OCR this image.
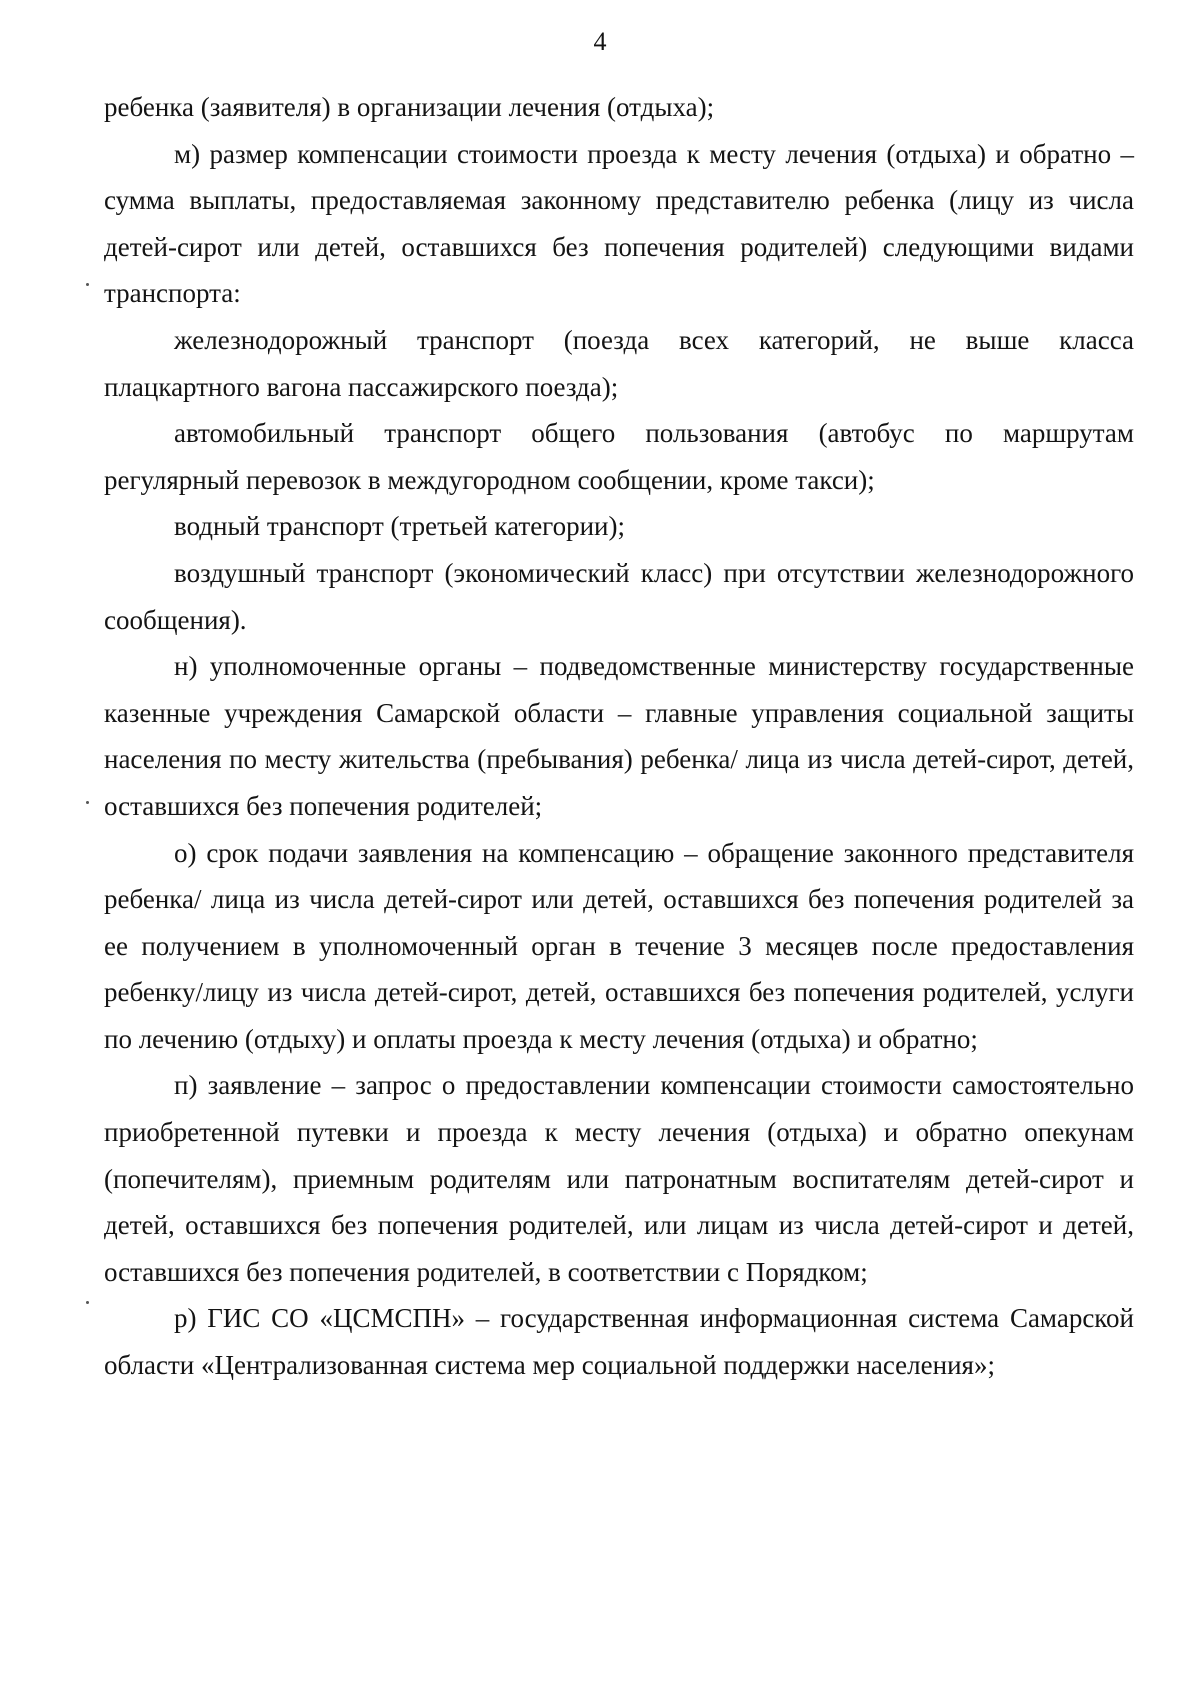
4

ребенка (заявителя) в организации лечения (отдыха);

м) размер компенсации стоимости проезда к месту лечения (отдыха) и обратно – сумма выплаты, предоставляемая законному представителю ребенка (лицу из числа детей-сирот или детей, оставшихся без попечения родителей) следующими видами транспорта:

железнодорожный транспорт (поезда всех категорий, не выше класса плацкартного вагона пассажирского поезда);

автомобильный транспорт общего пользования (автобус по маршрутам регулярный перевозок в междугородном сообщении, кроме такси);

водный транспорт (третьей категории);

воздушный транспорт (экономический класс) при отсутствии железнодорожного сообщения).

н) уполномоченные органы – подведомственные министерству государственные казенные учреждения Самарской области – главные управления социальной защиты населения по месту жительства (пребывания) ребенка/ лица из числа детей-сирот, детей, оставшихся без попечения родителей;

о) срок подачи заявления на компенсацию – обращение законного представителя ребенка/ лица из числа детей-сирот или детей, оставшихся без попечения родителей за ее получением в уполномоченный орган в течение 3 месяцев после предоставления ребенку/лицу из числа детей-сирот, детей, оставшихся без попечения родителей, услуги по лечению (отдыху) и оплаты проезда к месту лечения (отдыха) и обратно;

п) заявление – запрос о предоставлении компенсации стоимости самостоятельно приобретенной путевки и проезда к месту лечения (отдыха) и обратно опекунам (попечителям), приемным родителям или патронатным воспитателям детей-сирот и детей, оставшихся без попечения родителей, или лицам из числа детей-сирот и детей, оставшихся без попечения родителей, в соответствии с Порядком;

р) ГИС СО «ЦСМСПН» – государственная информационная система Самарской области «Централизованная система мер социальной поддержки населения»;
